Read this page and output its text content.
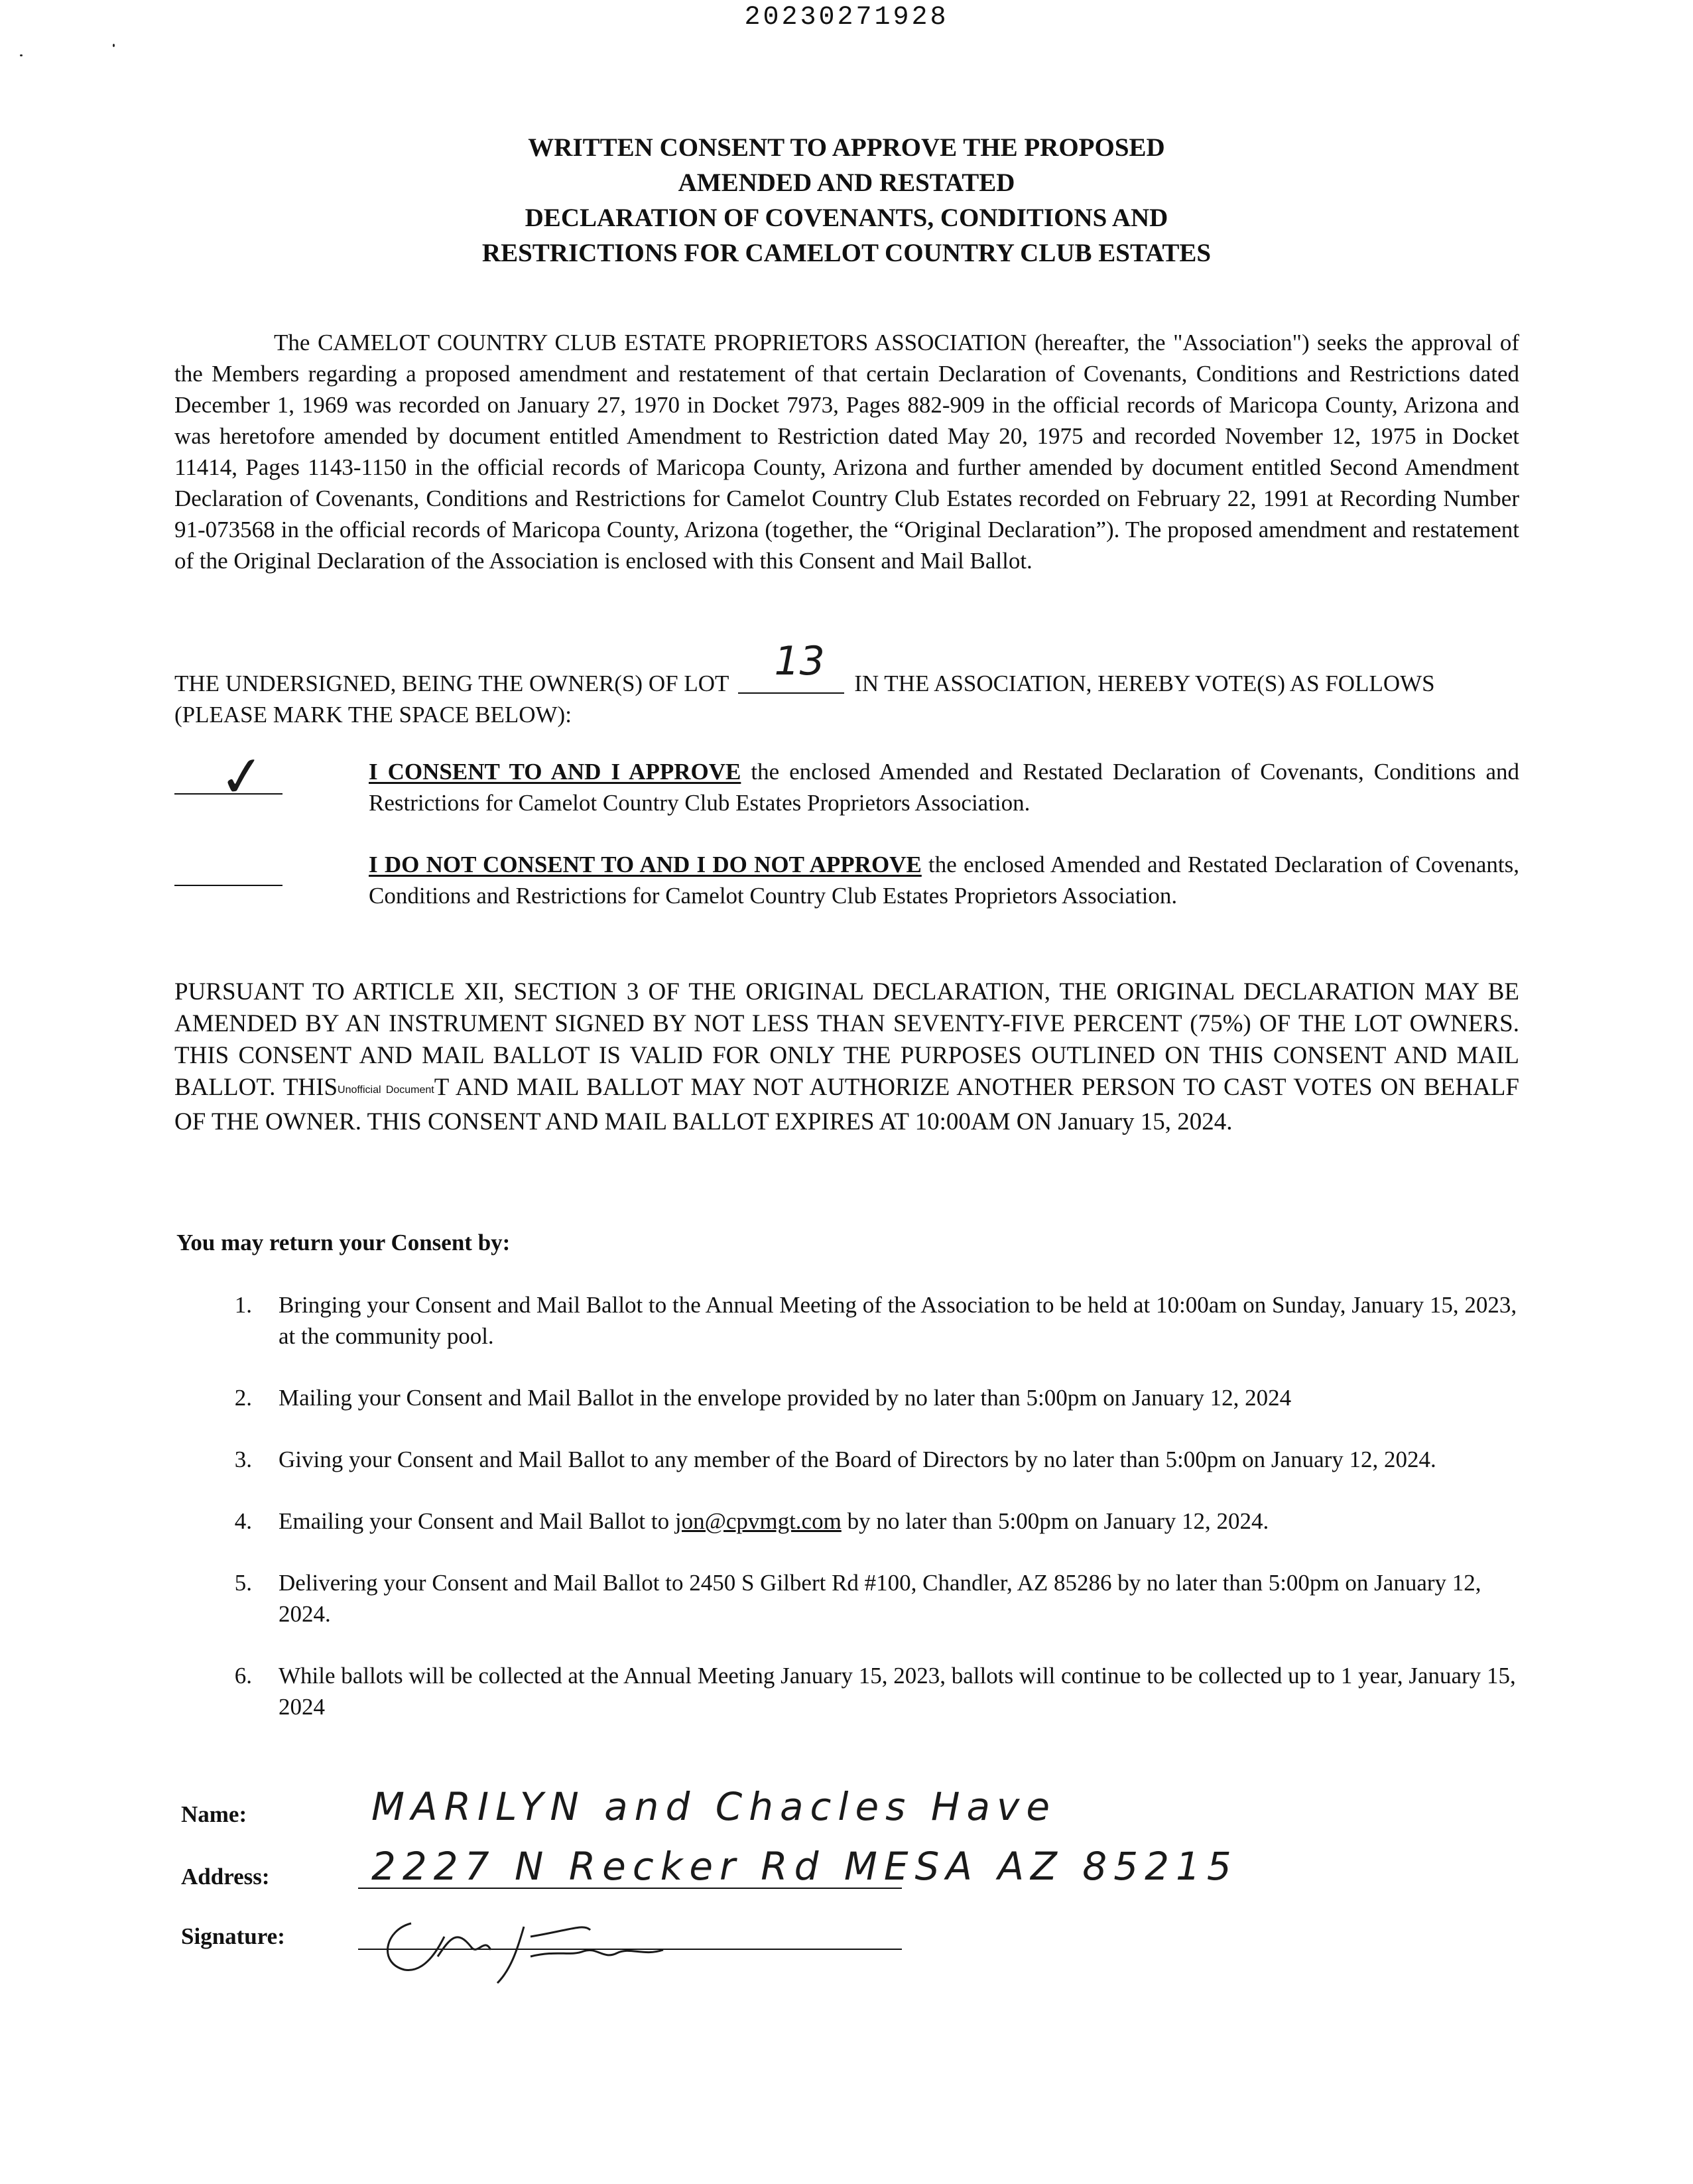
20230271928
WRITTEN CONSENT TO APPROVE THE PROPOSED
AMENDED AND RESTATED
DECLARATION OF COVENANTS, CONDITIONS AND
RESTRICTIONS FOR CAMELOT COUNTRY CLUB ESTATES
The CAMELOT COUNTRY CLUB ESTATE PROPRIETORS ASSOCIATION (hereafter, the "Association") seeks the approval of the Members regarding a proposed amendment and restatement of that certain Declaration of Covenants, Conditions and Restrictions dated December 1, 1969 was recorded on January 27, 1970 in Docket 7973, Pages 882-909 in the official records of Maricopa County, Arizona and was heretofore amended by document entitled Amendment to Restriction dated May 20, 1975 and recorded November 12, 1975 in Docket 11414, Pages 1143-1150 in the official records of Maricopa County, Arizona and further amended by document entitled Second Amendment Declaration of Covenants, Conditions and Restrictions for Camelot Country Club Estates recorded on February 22, 1991 at Recording Number 91-073568 in the official records of Maricopa County, Arizona (together, the “Original Declaration”). The proposed amendment and restatement of the Original Declaration of the Association is enclosed with this Consent and Mail Ballot.
THE UNDERSIGNED, BEING THE OWNER(S) OF LOT 13 IN THE ASSOCIATION, HEREBY VOTE(S) AS FOLLOWS (PLEASE MARK THE SPACE BELOW):
✓	I CONSENT TO AND I APPROVE the enclosed Amended and Restated Declaration of Covenants, Conditions and Restrictions for Camelot Country Club Estates Proprietors Association.
I DO NOT CONSENT TO AND I DO NOT APPROVE the enclosed Amended and Restated Declaration of Covenants, Conditions and Restrictions for Camelot Country Club Estates Proprietors Association.
PURSUANT TO ARTICLE XII, SECTION 3 OF THE ORIGINAL DECLARATION, THE ORIGINAL DECLARATION MAY BE AMENDED BY AN INSTRUMENT SIGNED BY NOT LESS THAN SEVENTY-FIVE PERCENT (75%) OF THE LOT OWNERS. THIS CONSENT AND MAIL BALLOT IS VALID FOR ONLY THE PURPOSES OUTLINED ON THIS CONSENT AND MAIL BALLOT. THISUnofficial DocumentT AND MAIL BALLOT MAY NOT AUTHORIZE ANOTHER PERSON TO CAST VOTES ON BEHALF OF THE OWNER. THIS CONSENT AND MAIL BALLOT EXPIRES AT 10:00AM ON January 15, 2024.
You may return your Consent by:
1. Bringing your Consent and Mail Ballot to the Annual Meeting of the Association to be held at 10:00am on Sunday, January 15, 2023, at the community pool.
2. Mailing your Consent and Mail Ballot in the envelope provided by no later than 5:00pm on January 12, 2024
3. Giving your Consent and Mail Ballot to any member of the Board of Directors by no later than 5:00pm on January 12, 2024.
4. Emailing your Consent and Mail Ballot to jon@cpvmgt.com by no later than 5:00pm on January 12, 2024.
5. Delivering your Consent and Mail Ballot to 2450 S Gilbert Rd #100, Chandler, AZ 85286 by no later than 5:00pm on January 12, 2024.
6. While ballots will be collected at the Annual Meeting January 15, 2023, ballots will continue to be collected up to 1 year, January 15, 2024
Name:	MARILYN and Chacles Have
Address:	2227 N Recker Rd MESA AZ 85215
Signature:
